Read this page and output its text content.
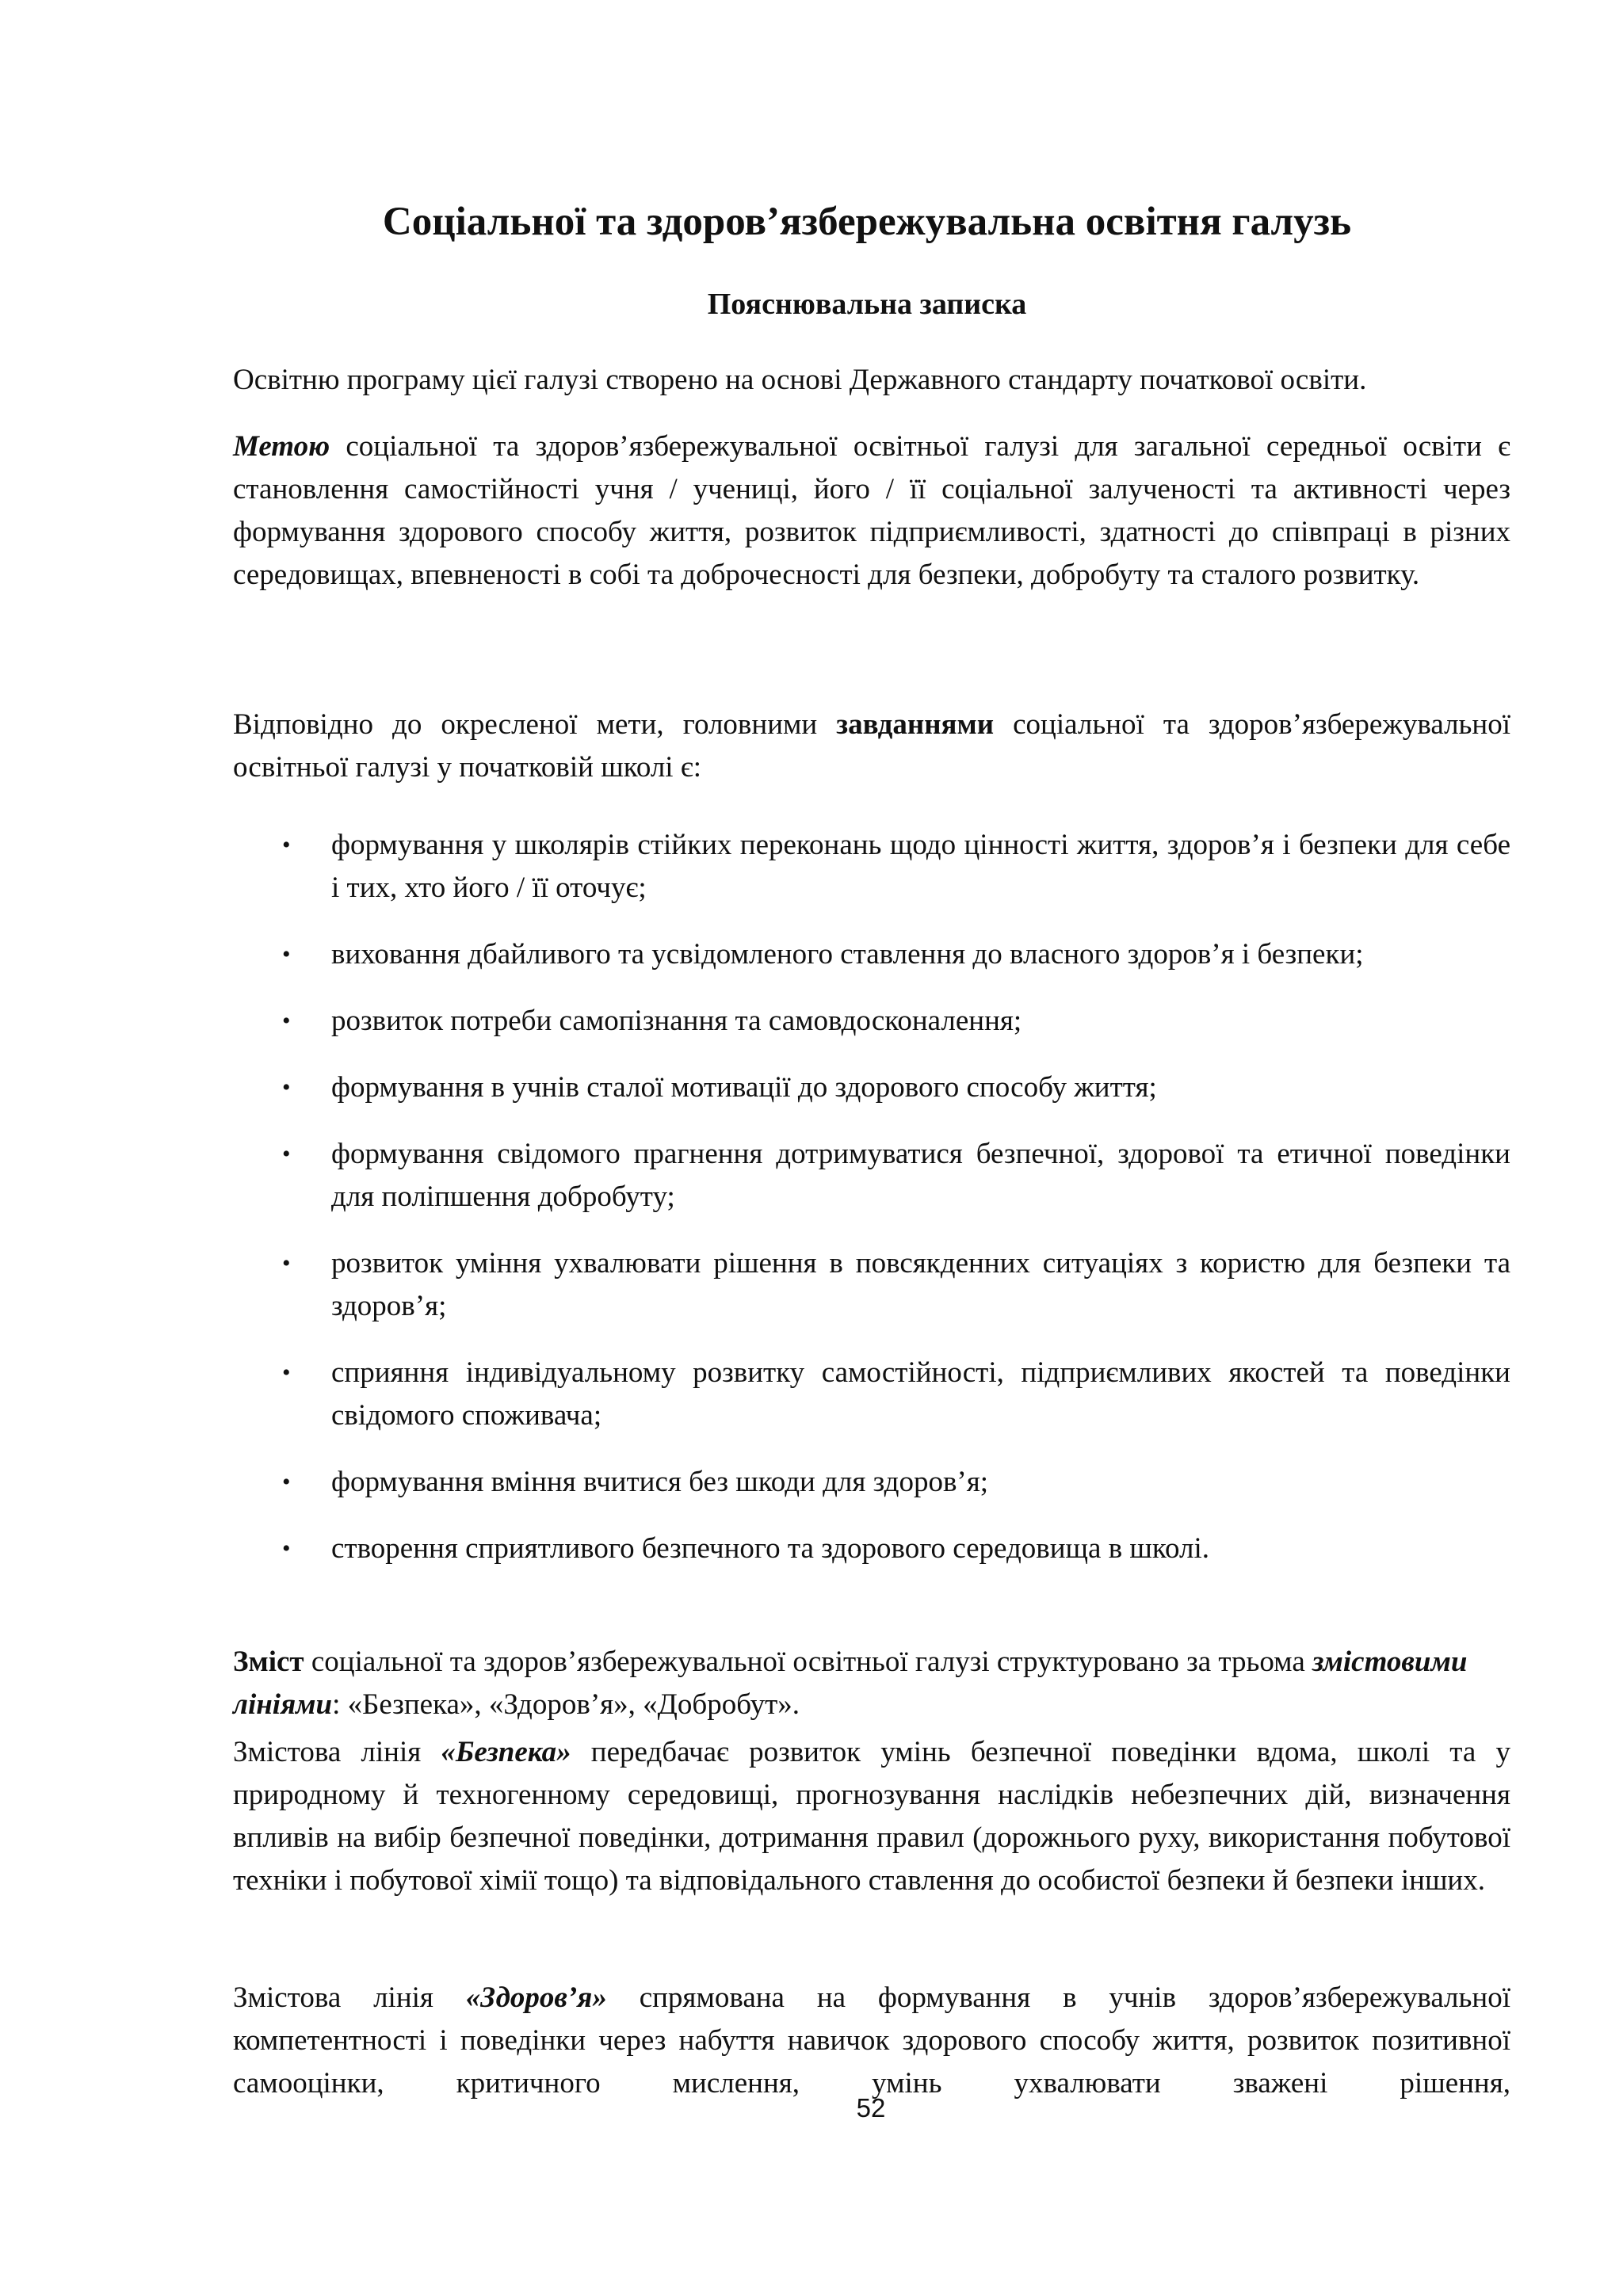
Соціальної та здоров’язбережувальна освітня галузь
Пояснювальна записка

Освітню програму цієї галузі створено на основі Державного стандарту початкової освіти.

Метою соціальної та здоров’язбережувальної освітньої галузі для загальної середньої освіти є становлення самостійності учня / учениці, його / її соціальної залученості та активності через формування здорового способу життя, розвиток підприємливості, здатності до співпраці в різних середовищах, впевненості в собі та доброчесності для безпеки, добробуту та сталого розвитку.

Відповідно до окресленої мети, головними завданнями соціальної та здоров’язбережувальної освітньої галузі у початковій школі є:

• формування у школярів стійких переконань щодо цінності життя, здоров’я і безпеки для себе і тих, хто його / її оточує;
• виховання дбайливого та усвідомленого ставлення до власного здоров’я і безпеки;
• розвиток потреби самопізнання та самовдосконалення;
• формування в учнів сталої мотивації до здорового способу життя;
• формування свідомого прагнення дотримуватися безпечної, здорової та етичної поведінки для поліпшення добробуту;
• розвиток уміння ухвалювати рішення в повсякденних ситуаціях з користю для безпеки та здоров’я;
• сприяння індивідуальному розвитку самостійності, підприємливих якостей та поведінки свідомого споживача;
• формування вміння вчитися без шкоди для здоров’я;
• створення сприятливого безпечного та здорового середовища в школі.

Зміст соціальної та здоров’язбережувальної освітньої галузі структуровано за трьома змістовими лініями: «Безпека», «Здоров’я», «Добробут».

Змістова лінія «Безпека» передбачає розвиток умінь безпечної поведінки вдома, школі та у природному й техногенному середовищі, прогнозування наслідків небезпечних дій, визначення впливів на вибір безпечної поведінки, дотримання правил (дорожнього руху, використання побутової техніки і побутової хімії тощо) та відповідального ставлення до особистої безпеки й безпеки інших.

Змістова лінія «Здоров’я» спрямована на формування в учнів здоров’язбережувальної компетентності і поведінки через набуття навичок здорового способу життя, розвиток позитивної самооцінки, критичного мислення, умінь ухвалювати зважені рішення,

52
